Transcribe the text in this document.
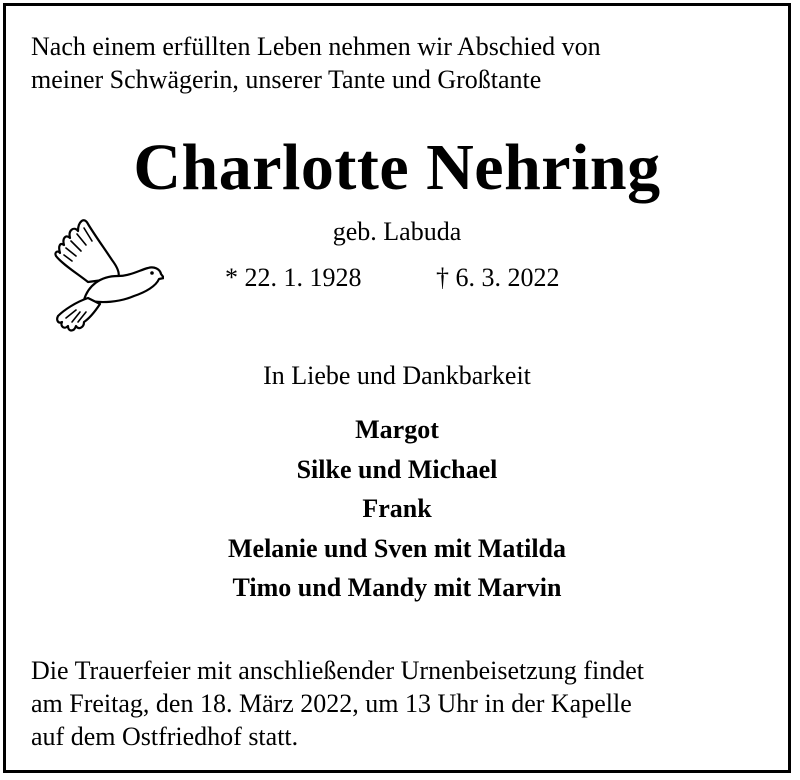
Nach einem erfüllten Leben nehmen wir Abschied von
meiner Schwägerin, unserer Tante und Großtante
Charlotte Nehring
geb. Labuda
* 22. 1. 1928	† 6. 3. 2022
In Liebe und Dankbarkeit
Margot
Silke und Michael
Frank
Melanie und Sven mit Matilda
Timo und Mandy mit Marvin
Die Trauerfeier mit anschließender Urnenbeisetzung findet
am Freitag, den 18. März 2022, um 13 Uhr in der Kapelle
auf dem Ostfriedhof statt.
